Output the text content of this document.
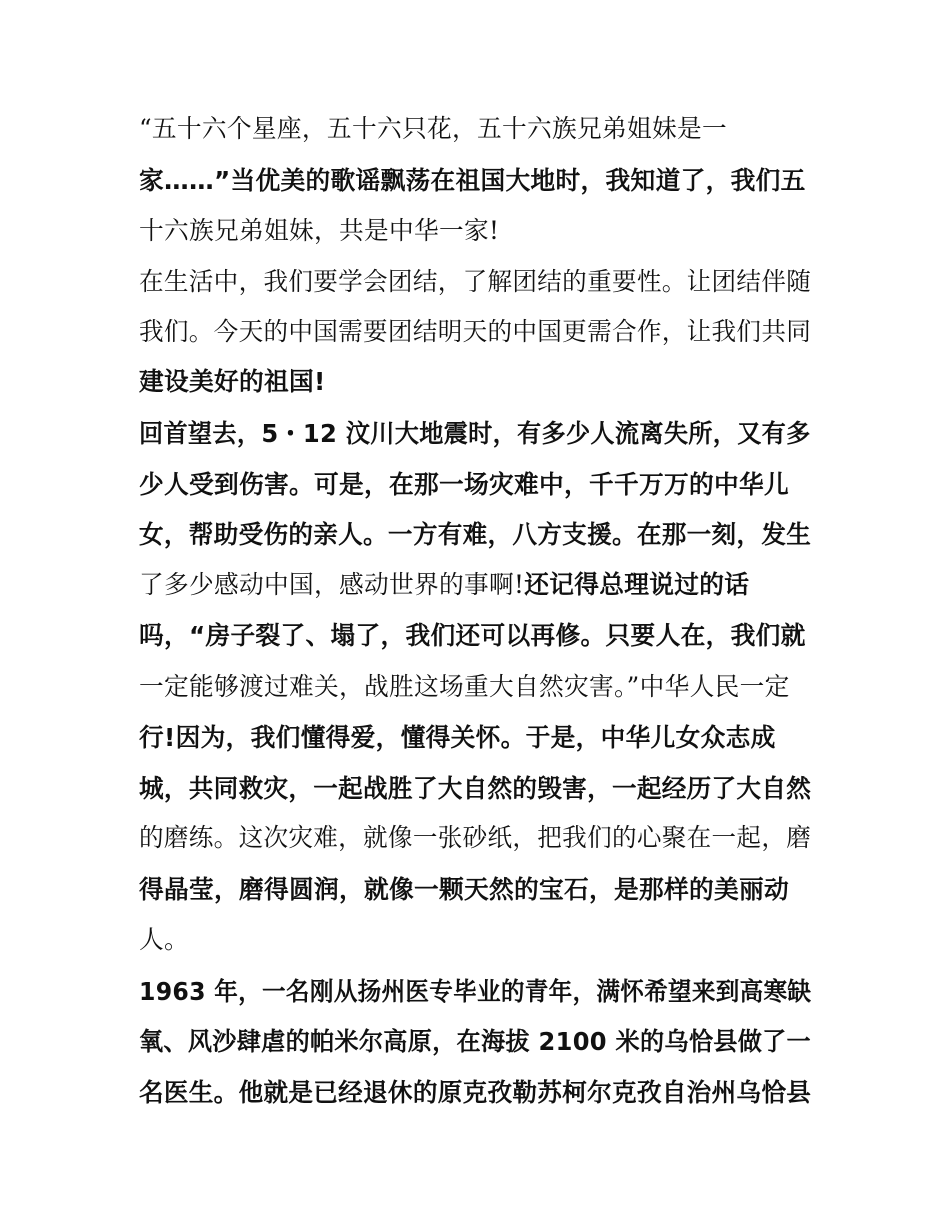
“五十六个星座，五十六只花，五十六族兄弟姐妹是一
家……”当优美的歌谣飘荡在祖国大地时，我知道了，我们五
十六族兄弟姐妹，共是中华一家!
在生活中，我们要学会团结，了解团结的重要性。让团结伴随
我们。今天的中国需要团结明天的中国更需合作，让我们共同
建设美好的祖国!
回首望去，5・12 汶川大地震时，有多少人流离失所，又有多
少人受到伤害。可是，在那一场灾难中，千千万万的中华儿
女，帮助受伤的亲人。一方有难，八方支援。在那一刻，发生
了多少感动中国，感动世界的事啊!还记得总理说过的话
吗，“房子裂了、塌了，我们还可以再修。只要人在，我们就
一定能够渡过难关，战胜这场重大自然灾害。”中华人民一定
行!因为，我们懂得爱，懂得关怀。于是，中华儿女众志成
城，共同救灾，一起战胜了大自然的毁害，一起经历了大自然
的磨练。这次灾难，就像一张砂纸，把我们的心聚在一起，磨
得晶莹，磨得圆润，就像一颗天然的宝石，是那样的美丽动
人。
1963 年，一名刚从扬州医专毕业的青年，满怀希望来到高寒缺
氧、风沙肆虐的帕米尔高原，在海拔 2100 米的乌恰县做了一
名医生。他就是已经退休的原克孜勒苏柯尔克孜自治州乌恰县
